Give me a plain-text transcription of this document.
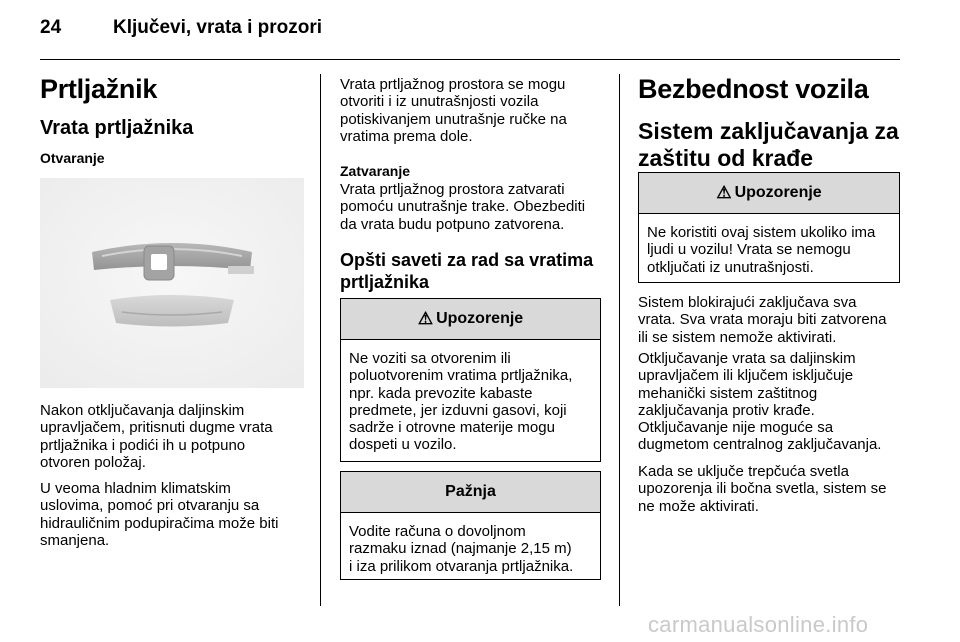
24	Ključevi, vrata i prozori
Prtljažnik
Vrata prtljažnika
Otvaranje
Nakon otključavanja daljinskim
upravljačem, pritisnuti dugme vrata
prtljažnika i podići ih u potpuno
otvoren položaj.
U veoma hladnim klimatskim
uslovima, pomoć pri otvaranju sa
hidrauličnim podupiračima može biti
smanjena.
Vrata prtljažnog prostora se mogu
otvoriti i iz unutrašnjosti vozila
potiskivanjem unutrašnje ručke na
vratima prema dole.
Zatvaranje
Vrata prtljažnog prostora zatvarati
pomoću unutrašnje trake. Obezbediti
da vrata budu potpuno zatvorena.
Opšti saveti za rad sa vratima
prtljažnika
⚠ Upozorenje
Ne voziti sa otvorenim ili
poluotvorenim vratima prtljažnika,
npr. kada prevozite kabaste
predmete, jer izduvni gasovi, koji
sadrže i otrovne materije mogu
dospeti u vozilo.
Pažnja
Vodite računa o dovoljnom
razmaku iznad (najmanje 2,15 m)
i iza prilikom otvaranja prtljažnika.
Bezbednost vozila
Sistem zaključavanja za
zaštitu od krađe
⚠ Upozorenje
Ne koristiti ovaj sistem ukoliko ima
ljudi u vozilu! Vrata se nemogu
otključati iz unutrašnjosti.
Sistem blokirajući zaključava sva
vrata. Sva vrata moraju biti zatvorena
ili se sistem nemože aktivirati.
Otključavanje vrata sa daljinskim
upravljačem ili ključem isključuje
mehanički sistem zaštitnog
zaključavanja protiv krađe.
Otključavanje nije moguće sa
dugmetom centralnog zaključavanja.
Kada se uključe trepčuća svetla
upozorenja ili bočna svetla, sistem se
ne može aktivirati.
carmanualsonline.info
